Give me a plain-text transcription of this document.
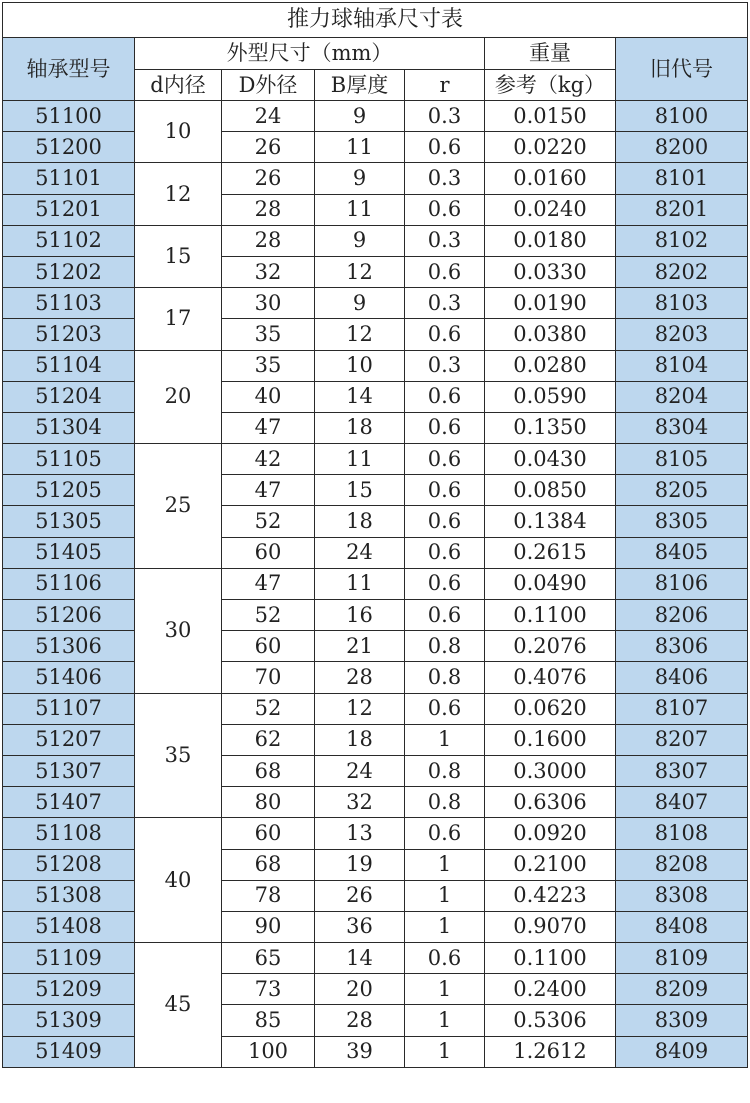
推力球轴承尺寸表						
轴承型号	外型尺寸（mm）				重量	旧代号
	d内径	D外径	B厚度	r	参考（kg）	
51100	10	24	9	0.3	0.0150	8100
51200		26	11	0.6	0.0220	8200
51101	12	26	9	0.3	0.0160	8101
51201		28	11	0.6	0.0240	8201
51102	15	28	9	0.3	0.0180	8102
51202		32	12	0.6	0.0330	8202
51103	17	30	9	0.3	0.0190	8103
51203		35	12	0.6	0.0380	8203
51104	20	35	10	0.3	0.0280	8104
51204		40	14	0.6	0.0590	8204
51304		47	18	0.6	0.1350	8304
51105	25	42	11	0.6	0.0430	8105
51205		47	15	0.6	0.0850	8205
51305		52	18	0.6	0.1384	8305
51405		60	24	0.6	0.2615	8405
51106	30	47	11	0.6	0.0490	8106
51206		52	16	0.6	0.1100	8206
51306		60	21	0.8	0.2076	8306
51406		70	28	0.8	0.4076	8406
51107	35	52	12	0.6	0.0620	8107
51207		62	18	1	0.1600	8207
51307		68	24	0.8	0.3000	8307
51407		80	32	0.8	0.6306	8407
51108	40	60	13	0.6	0.0920	8108
51208		68	19	1	0.2100	8208
51308		78	26	1	0.4223	8308
51408		90	36	1	0.9070	8408
51109	45	65	14	0.6	0.1100	8109
51209		73	20	1	0.2400	8209
51309		85	28	1	0.5306	8309
51409		100	39	1	1.2612	8409
